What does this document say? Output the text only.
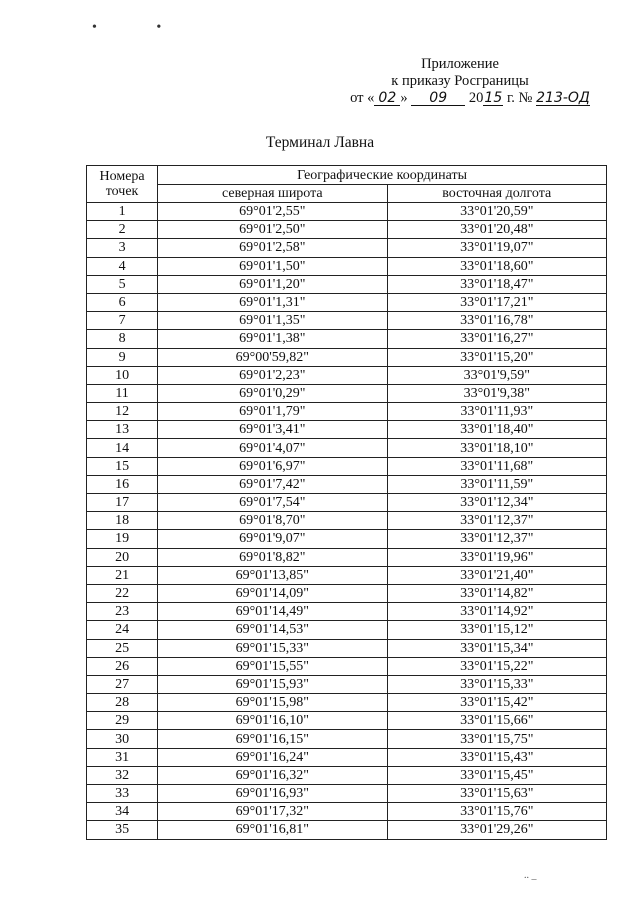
• •
Приложение
к приказу Росграницы
от « 02 » 09 2015 г. № 213-ОД
Терминал Лавна
Номера точек	Географические координаты	
	северная широта	восточная долгота
1	69°01'2,55"	33°01'20,59"
2	69°01'2,50"	33°01'20,48"
3	69°01'2,58"	33°01'19,07"
4	69°01'1,50"	33°01'18,60"
5	69°01'1,20"	33°01'18,47"
6	69°01'1,31"	33°01'17,21"
7	69°01'1,35"	33°01'16,78"
8	69°01'1,38"	33°01'16,27"
9	69°00'59,82"	33°01'15,20"
10	69°01'2,23"	33°01'9,59"
11	69°01'0,29"	33°01'9,38"
12	69°01'1,79"	33°01'11,93"
13	69°01'3,41"	33°01'18,40"
14	69°01'4,07"	33°01'18,10"
15	69°01'6,97"	33°01'11,68"
16	69°01'7,42"	33°01'11,59"
17	69°01'7,54"	33°01'12,34"
18	69°01'8,70"	33°01'12,37"
19	69°01'9,07"	33°01'12,37"
20	69°01'8,82"	33°01'19,96"
21	69°01'13,85"	33°01'21,40"
22	69°01'14,09"	33°01'14,82"
23	69°01'14,49"	33°01'14,92"
24	69°01'14,53"	33°01'15,12"
25	69°01'15,33"	33°01'15,34"
26	69°01'15,55"	33°01'15,22"
27	69°01'15,93"	33°01'15,33"
28	69°01'15,98"	33°01'15,42"
29	69°01'16,10"	33°01'15,66"
30	69°01'16,15"	33°01'15,75"
31	69°01'16,24"	33°01'15,43"
32	69°01'16,32"	33°01'15,45"
33	69°01'16,93"	33°01'15,63"
34	69°01'17,32"	33°01'15,76"
35	69°01'16,81"	33°01'29,26"
.. _
